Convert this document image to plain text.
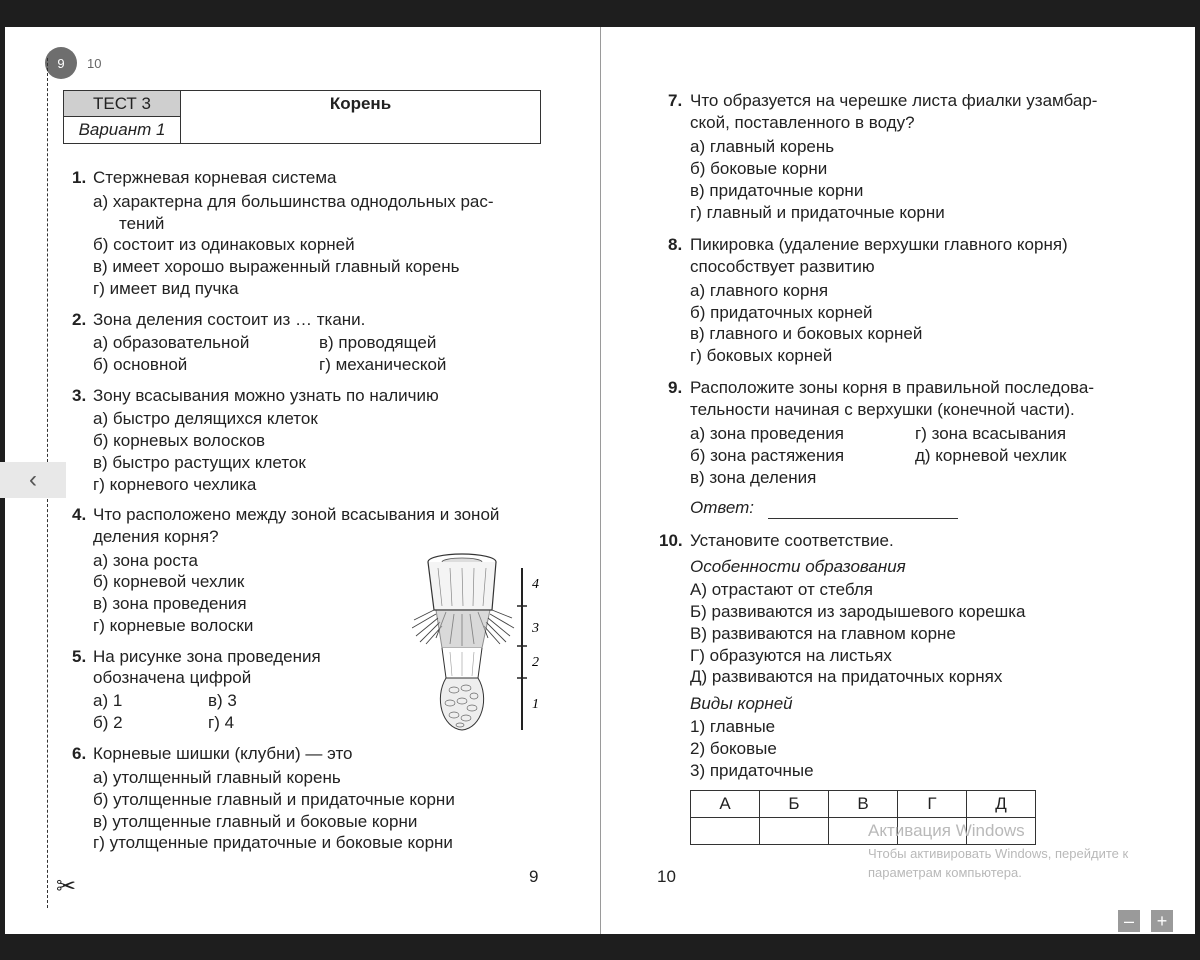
9	10
✂
‹
ТЕСТ 3
Вариант 1
Корень
1. Стержневая корневая система
а) характерна для большинства однодольных рас-
тений
б) состоит из одинаковых корней
в) имеет хорошо выраженный главный корень
г) имеет вид пучка
2. Зона деления состоит из … ткани.
а) образовательной
б) основной
в) проводящей
г) механической
3. Зону всасывания можно узнать по наличию
а) быстро делящихся клеток
б) корневых волосков
в) быстро растущих клеток
г) корневого чехлика
4. Что расположено между зоной всасывания и зоной
деления корня?
а) зона роста
б) корневой чехлик
в) зона проведения
г) корневые волоски
5. На рисунке зона проведения
обозначена цифрой
а) 1
б) 2
в) 3
г) 4
4
3
2
1
6. Корневые шишки (клубни) — это
а) утолщенный главный корень
б) утолщенные главный и придаточные корни
в) утолщенные главный и боковые корни
г) утолщенные придаточные и боковые корни
9
7. Что образуется на черешке листа фиалки узамбар-
ской, поставленного в воду?
а) главный корень
б) боковые корни
в) придаточные корни
г) главный и придаточные корни
8. Пикировка (удаление верхушки главного корня)
способствует развитию
а) главного корня
б) придаточных корней
в) главного и боковых корней
г) боковых корней
9. Расположите зоны корня в правильной последова-
тельности начиная с верхушки (конечной части).
а) зона проведения
б) зона растяжения
в) зона деления
г) зона всасывания
д) корневой чехлик
Ответ:
10. Установите соответствие.
Особенности образования
А) отрастают от стебля
Б) развиваются из зародышевого корешка
В) развиваются на главном корне
Г) образуются на листьях
Д) развиваются на придаточных корнях
Виды корней
1) главные
2) боковые
3) придаточные
А	Б	В	Г	Д

10
Активация Windows
Чтобы активировать Windows, перейдите к
параметрам компьютера.
–	+
